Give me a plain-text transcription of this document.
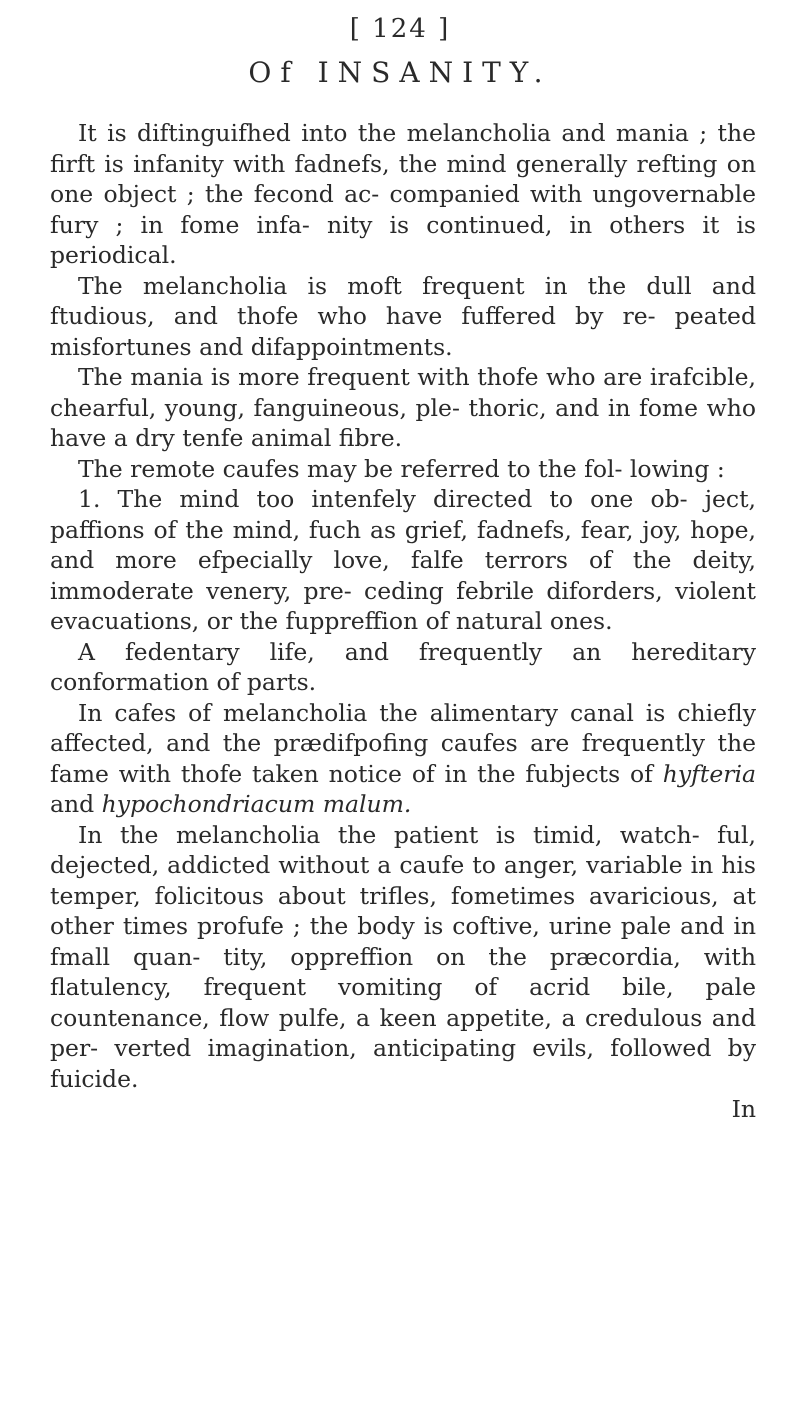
[ 124 ]
Of INSANITY.

It is diftinguifhed into the melancholia and mania ; the firft is infanity with fadnefs, the mind generally refting on one object ; the fecond ac- companied with ungovernable fury ; in fome infa- nity is continued, in others it is periodical.

The melancholia is moft frequent in the dull and ftudious, and thofe who have fuffered by re- peated misfortunes and difappointments.

The mania is more frequent with thofe who are irafcible, chearful, young, fanguineous, ple- thoric, and in fome who have a dry tenfe animal fibre.

The remote caufes may be referred to the fol- lowing :

1. The mind too intenfely directed to one ob- ject, paffions of the mind, fuch as grief, fadnefs, fear, joy, hope, and more efpecially love, falfe terrors of the deity, immoderate venery, pre- ceding febrile diforders, violent evacuations, or the fuppreffion of natural ones.

A fedentary life, and frequently an hereditary conformation of parts.

In cafes of melancholia the alimentary canal is chiefly affected, and the prædifpofing caufes are frequently the fame with thofe taken notice of in the fubjects of hyfteria and hypochondriacum malum.

In the melancholia the patient is timid, watch- ful, dejected, addicted without a caufe to anger, variable in his temper, folicitous about trifles, fometimes avaricious, at other times profufe ; the body is coftive, urine pale and in fmall quan- tity, oppreffion on the præcordia, with flatulency, frequent vomiting of acrid bile, pale countenance, flow pulfe, a keen appetite, a credulous and per- verted imagination, anticipating evils, followed by fuicide.

In
